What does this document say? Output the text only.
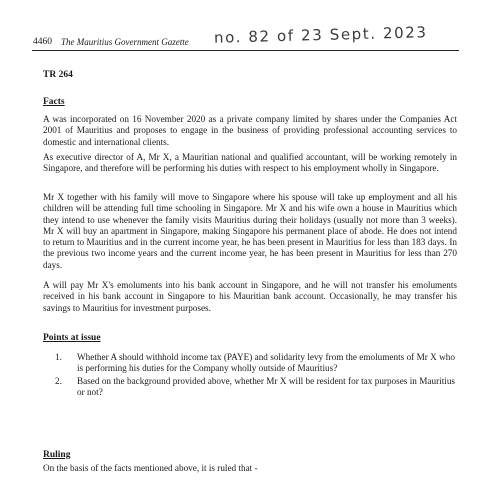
4460 The Mauritius Government Gazette no. 82 of 23 Sept. 2023
TR 264
Facts
A was incorporated on 16 November 2020 as a private company limited by shares under the Companies Act 2001 of Mauritius and proposes to engage in the business of providing professional accounting services to domestic and international clients.
As executive director of A, Mr X, a Mauritian national and qualified accountant, will be working remotely in Singapore, and therefore will be performing his duties with respect to his employment wholly in Singapore.
Mr X together with his family will move to Singapore where his spouse will take up employment and all his children will be attending full time schooling in Singapore. Mr X and his wife own a house in Mauritius which they intend to use whenever the family visits Mauritius during their holidays (usually not more than 3 weeks). Mr X will buy an apartment in Singapore, making Singapore his permanent place of abode. He does not intend to return to Mauritius and in the current income year, he has been present in Mauritius for less than 183 days. In the previous two income years and the current income year, he has been present in Mauritius for less than 270 days.
A will pay Mr X's emoluments into his bank account in Singapore, and he will not transfer his emoluments received in his bank account in Singapore to his Mauritian bank account. Occasionally, he may transfer his savings to Mauritius for investment purposes.
Points at issue
1. Whether A should withhold income tax (PAYE) and solidarity levy from the emoluments of Mr X who is performing his duties for the Company wholly outside of Mauritius?
2. Based on the background provided above, whether Mr X will be resident for tax purposes in Mauritius or not?
Ruling
On the basis of the facts mentioned above, it is ruled that -
